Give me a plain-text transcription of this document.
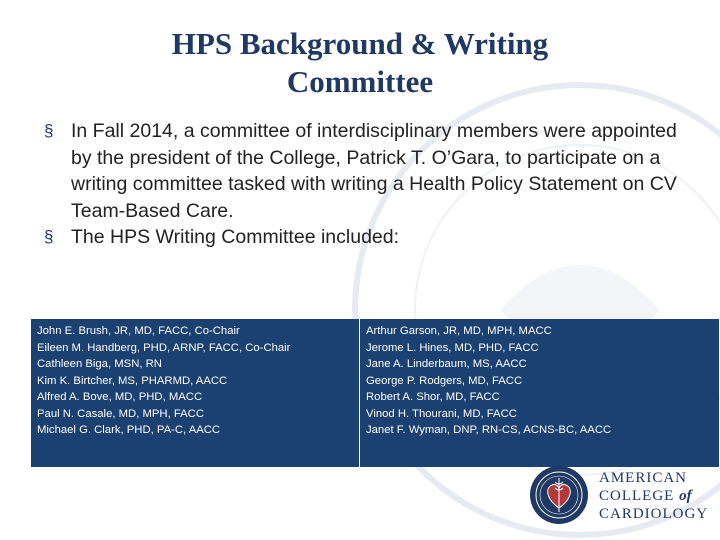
HPS Background & Writing
Committee
§ In Fall 2014, a committee of interdisciplinary members were appointed by the president of the College, Patrick T. O’Gara, to participate on a writing committee tasked with writing a Health Policy Statement on CV Team-Based Care.
§ The HPS Writing Committee included:
John E. Brush, JR, MD, FACC, Co-Chair
Eileen M. Handberg, PHD, ARNP, FACC, Co-Chair
Cathleen Biga, MSN, RN
Kim K. Birtcher, MS, PHARMD, AACC
Alfred A. Bove, MD, PHD, MACC
Paul N. Casale, MD, MPH, FACC
Michael G. Clark, PHD, PA-C, AACC
Arthur Garson, JR, MD, MPH, MACC
Jerome L. Hines, MD, PHD, FACC
Jane A. Linderbaum, MS, AACC
George P. Rodgers, MD, FACC
Robert A. Shor, MD, FACC
Vinod H. Thourani, MD, FACC
Janet F. Wyman, DNP, RN-CS, ACNS-BC, AACC
AMERICAN
COLLEGE of
CARDIOLOGY
